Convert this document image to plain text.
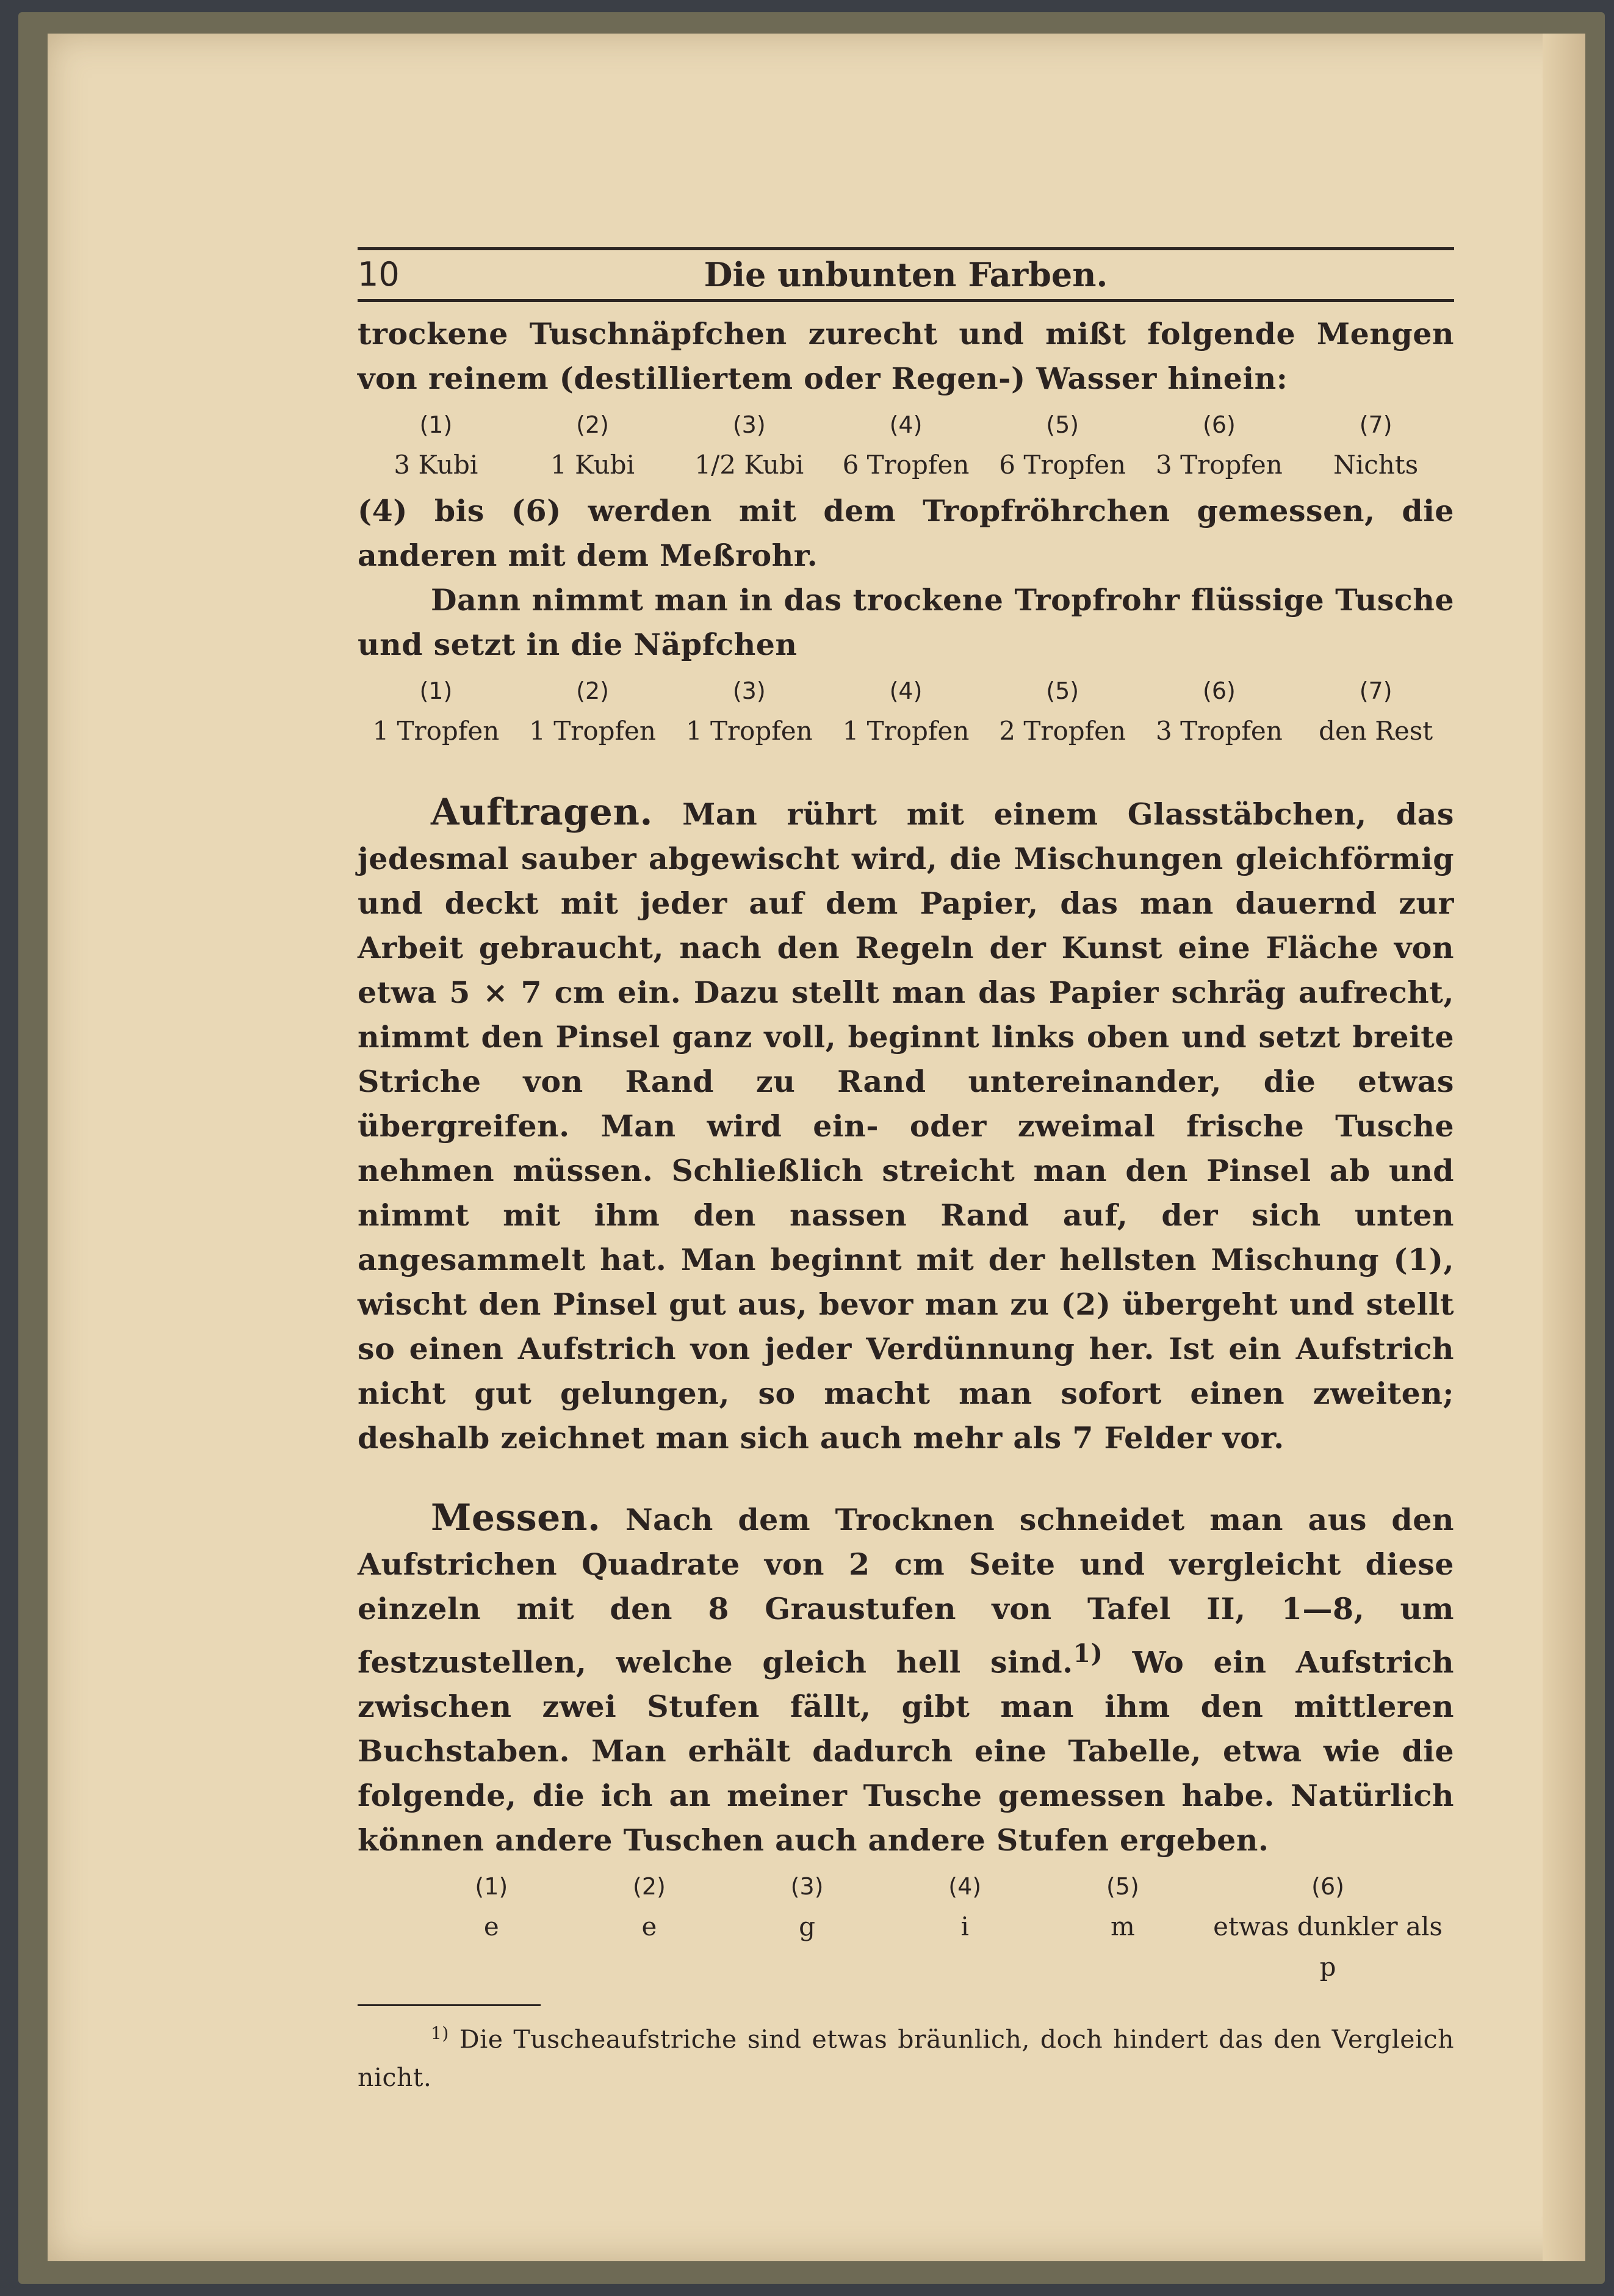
10	Die unbunten Farben.

trockene Tuschnäpfchen zurecht und mißt folgende Mengen von reinem (destilliertem oder Regen-) Wasser hinein:

(1)	(2)	(3)	(4)	(5)	(6)	(7)
3 Kubi	1 Kubi	1/2 Kubi	6 Tropfen	6 Tropfen	3 Tropfen	Nichts

(4) bis (6) werden mit dem Tropfröhrchen gemessen, die anderen mit dem Meßrohr.

Dann nimmt man in das trockene Tropfrohr flüssige Tusche und setzt in die Näpfchen

(1)	(2)	(3)	(4)	(5)	(6)	(7)
1 Tropfen	1 Tropfen	1 Tropfen	1 Tropfen	2 Tropfen	3 Tropfen	den Rest

Auftragen. Man rührt mit einem Glasstäbchen, das jedesmal sauber abgewischt wird, die Mischungen gleichförmig und deckt mit jeder auf dem Papier, das man dauernd zur Arbeit gebraucht, nach den Regeln der Kunst eine Fläche von etwa 5 × 7 cm ein. Dazu stellt man das Papier schräg aufrecht, nimmt den Pinsel ganz voll, beginnt links oben und setzt breite Striche von Rand zu Rand untereinander, die etwas übergreifen. Man wird ein- oder zweimal frische Tusche nehmen müssen. Schließlich streicht man den Pinsel ab und nimmt mit ihm den nassen Rand auf, der sich unten angesammelt hat. Man beginnt mit der hellsten Mischung (1), wischt den Pinsel gut aus, bevor man zu (2) übergeht und stellt so einen Aufstrich von jeder Verdünnung her. Ist ein Aufstrich nicht gut gelungen, so macht man sofort einen zweiten; deshalb zeichnet man sich auch mehr als 7 Felder vor.

Messen. Nach dem Trocknen schneidet man aus den Aufstrichen Quadrate von 2 cm Seite und vergleicht diese einzeln mit den 8 Graustufen von Tafel II, 1—8, um festzustellen, welche gleich hell sind.$^{1)}$ Wo ein Aufstrich zwischen zwei Stufen fällt, gibt man ihm den mittleren Buchstaben. Man erhält dadurch eine Tabelle, etwa wie die folgende, die ich an meiner Tusche gemessen habe. Natürlich können andere Tuschen auch andere Stufen ergeben.

(1)	(2)	(3)	(4)	(5)	(6)
e	e	g	i	m	etwas dunkler als p

$^{1)}$ Die Tuscheaufstriche sind etwas bräunlich, doch hindert das den Vergleich nicht.
